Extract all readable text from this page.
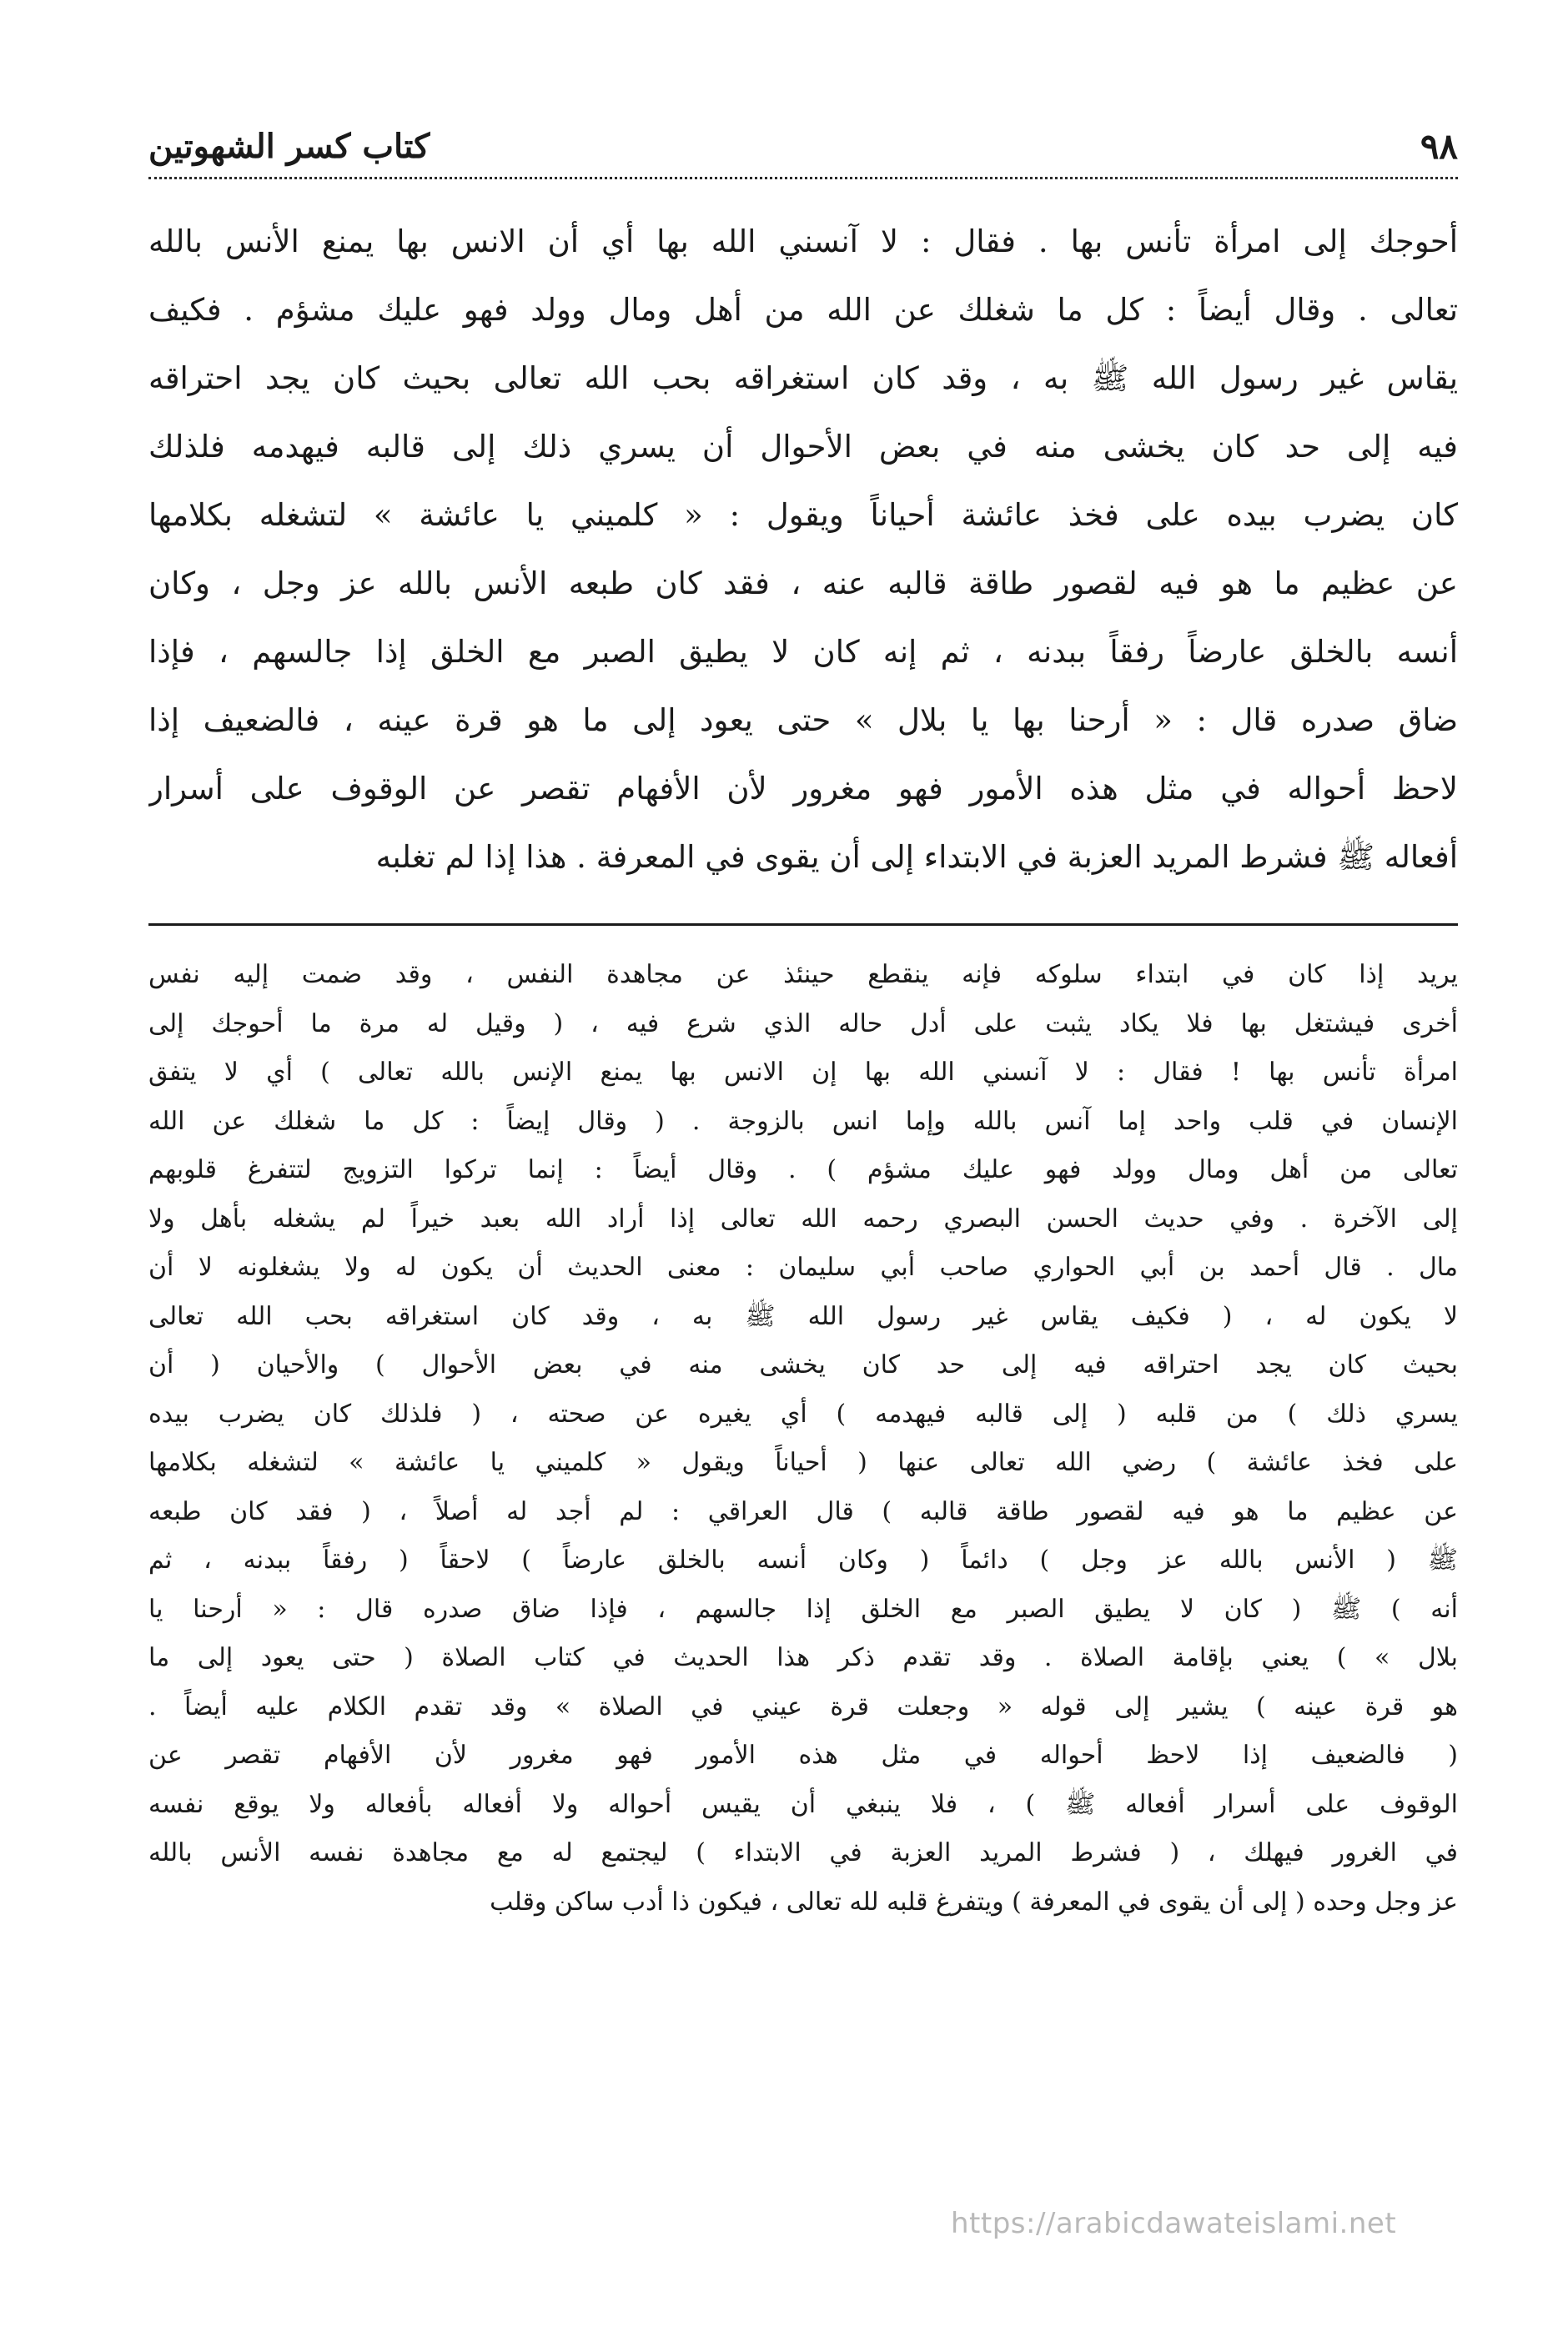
٩٨
كتاب كسر الشهوتين

أحوجك إلى امرأة تأنس بها . فقال : لا آنسني الله بها أي أن الانس بها يمنع الأنس بالله

تعالى . وقال أيضاً : كل ما شغلك عن الله من أهل ومال وولد فهو عليك مشؤم . فكيف

يقاس غير رسول الله ﷺ به ، وقد كان استغراقه بحب الله تعالى بحيث كان يجد احتراقه

فيه إلى حد كان يخشى منه في بعض الأحوال أن يسري ذلك إلى قالبه فيهدمه فلذلك

كان يضرب بيده على فخذ عائشة أحياناً ويقول : « كلميني يا عائشة » لتشغله بكلامها

عن عظيم ما هو فيه لقصور طاقة قالبه عنه ، فقد كان طبعه الأنس بالله عز وجل ، وكان

أنسه بالخلق عارضاً رفقاً ببدنه ، ثم إنه كان لا يطيق الصبر مع الخلق إذا جالسهم ، فإذا

ضاق صدره قال : « أرحنا بها يا بلال » حتى يعود إلى ما هو قرة عينه ، فالضعيف إذا

لاحظ أحواله في مثل هذه الأمور فهو مغرور لأن الأفهام تقصر عن الوقوف على أسرار

أفعاله ﷺ فشرط المريد العزبة في الابتداء إلى أن يقوى في المعرفة . هذا إذا لم تغلبه

يريد إذا كان في ابتداء سلوكه فإنه ينقطع حينئذ عن مجاهدة النفس ، وقد ضمت إليه نفس

أخرى فيشتغل بها فلا يكاد يثبت على أدل حاله الذي شرع فيه ، ( وقيل له مرة ما أحوجك إلى

امرأة تأنس بها ! فقال : لا آنسني الله بها إن الانس بها يمنع الإنس بالله تعالى ) أي لا يتفق

الإنسان في قلب واحد إما آنس بالله وإما انس بالزوجة . ( وقال إيضاً : كل ما شغلك عن الله

تعالى من أهل ومال وولد فهو عليك مشؤم ) . وقال أيضاً : إنما تركوا التزويج لتتفرغ قلوبهم

إلى الآخرة . وفي حديث الحسن البصري رحمه الله تعالى إذا أراد الله بعبد خيراً لم يشغله بأهل ولا

مال . قال أحمد بن أبي الحواري صاحب أبي سليمان : معنى الحديث أن يكون له ولا يشغلونه لا أن

لا يكون له ، ( فكيف يقاس غير رسول الله ﷺ به ، وقد كان استغراقه بحب الله تعالى

بحيث كان يجد احتراقه فيه إلى حد كان يخشى منه في بعض الأحوال ) والأحيان ( أن

يسري ذلك ) من قلبه ( إلى قالبه فيهدمه ) أي يغيره عن صحته ، ( فلذلك كان يضرب بيده

على فخذ عائشة ) رضي الله تعالى عنها ( أحياناً ويقول « كلميني يا عائشة » لتشغله بكلامها

عن عظيم ما هو فيه لقصور طاقة قالبه ) قال العراقي : لم أجد له أصلاً ، ( فقد كان طبعه

ﷺ ( الأنس بالله عز وجل ) دائماً ( وكان أنسه بالخلق عارضاً ) لاحقاً ( رفقاً ببدنه ، ثم

أنه ) ﷺ ( كان لا يطيق الصبر مع الخلق إذا جالسهم ، فإذا ضاق صدره قال : « أرحنا يا

بلال » ) يعني بإقامة الصلاة . وقد تقدم ذكر هذا الحديث في كتاب الصلاة ( حتى يعود إلى ما

هو قرة عينه ) يشير إلى قوله « وجعلت قرة عيني في الصلاة » وقد تقدم الكلام عليه أيضاً .

( فالضعيف إذا لاحظ أحواله في مثل هذه الأمور فهو مغرور لأن الأفهام تقصر عن

الوقوف على أسرار أفعاله ﷺ ) ، فلا ينبغي أن يقيس أحواله ولا أفعاله بأفعاله ولا يوقع نفسه

في الغرور فيهلك ، ( فشرط المريد العزبة في الابتداء ) ليجتمع له مع مجاهدة نفسه الأنس بالله

عز وجل وحده ( إلى أن يقوى في المعرفة ) ويتفرغ قلبه لله تعالى ، فيكون ذا أدب ساكن وقلب

https://arabicdawateislami.net
